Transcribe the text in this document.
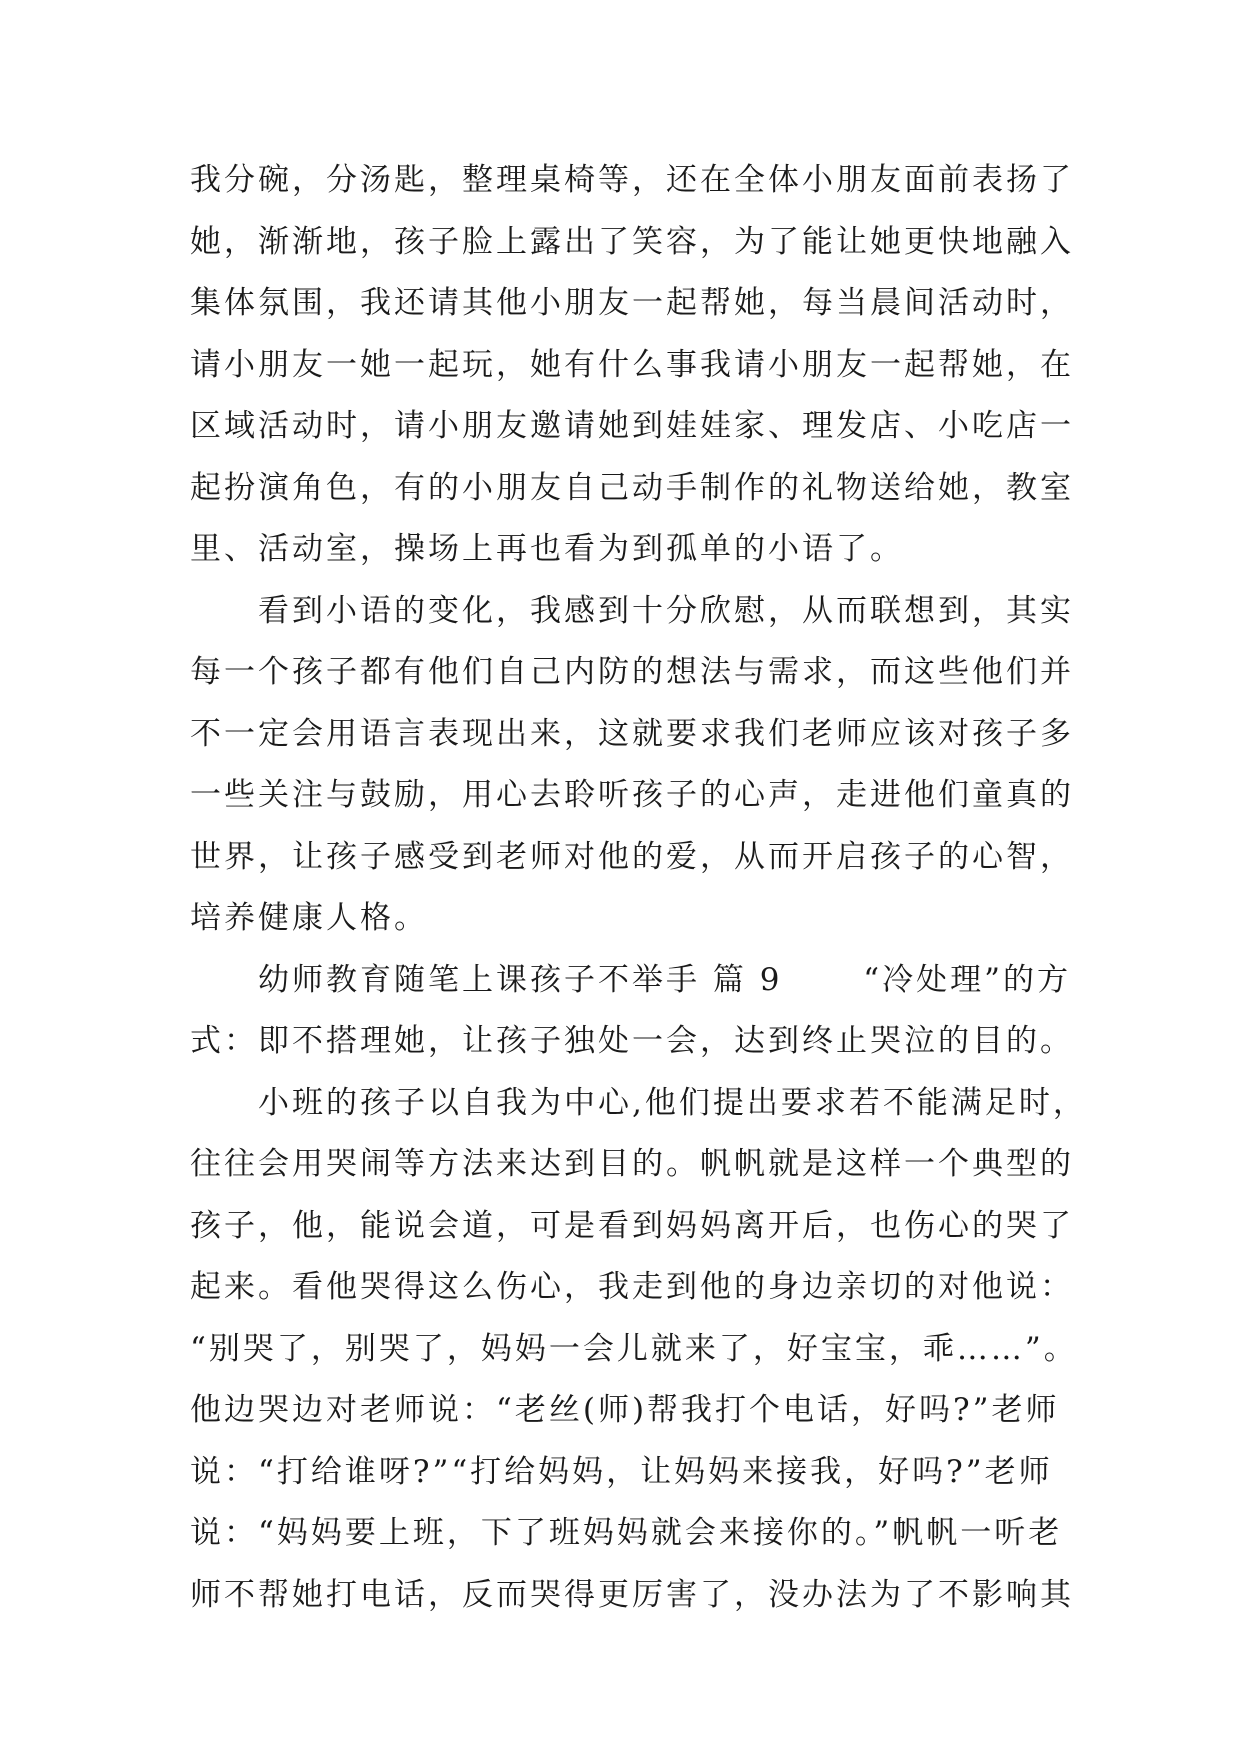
我分碗，分汤匙，整理桌椅等，还在全体小朋友面前表扬了
她，渐渐地，孩子脸上露出了笑容，为了能让她更快地融入
集体氛围，我还请其他小朋友一起帮她，每当晨间活动时，
请小朋友一她一起玩，她有什么事我请小朋友一起帮她，在
区域活动时，请小朋友邀请她到娃娃家、理发店、小吃店一
起扮演角色，有的小朋友自己动手制作的礼物送给她，教室
里、活动室，操场上再也看为到孤单的小语了。
　　看到小语的变化，我感到十分欣慰，从而联想到，其实
每一个孩子都有他们自己内防的想法与需求，而这些他们并
不一定会用语言表现出来，这就要求我们老师应该对孩子多
一些关注与鼓励，用心去聆听孩子的心声，走进他们童真的
世界，让孩子感受到老师对他的爱，从而开启孩子的心智，
培养健康人格。
　　幼师教育随笔上课孩子不举手 篇 9　　 “冷处理”的方
式：即不搭理她，让孩子独处一会，达到终止哭泣的目的。
　　小班的孩子以自我为中心,他们提出要求若不能满足时，
往往会用哭闹等方法来达到目的。帆帆就是这样一个典型的
孩子，他，能说会道，可是看到妈妈离开后，也伤心的哭了
起来。看他哭得这么伤心，我走到他的身边亲切的对他说：
“别哭了，别哭了，妈妈一会儿就来了，好宝宝，乖……”。
他边哭边对老师说：“老丝(师)帮我打个电话，好吗?”老师
说：“打给谁呀?”“打给妈妈，让妈妈来接我，好吗?”老师
说：“妈妈要上班，下了班妈妈就会来接你的。”帆帆一听老
师不帮她打电话，反而哭得更厉害了，没办法为了不影响其
